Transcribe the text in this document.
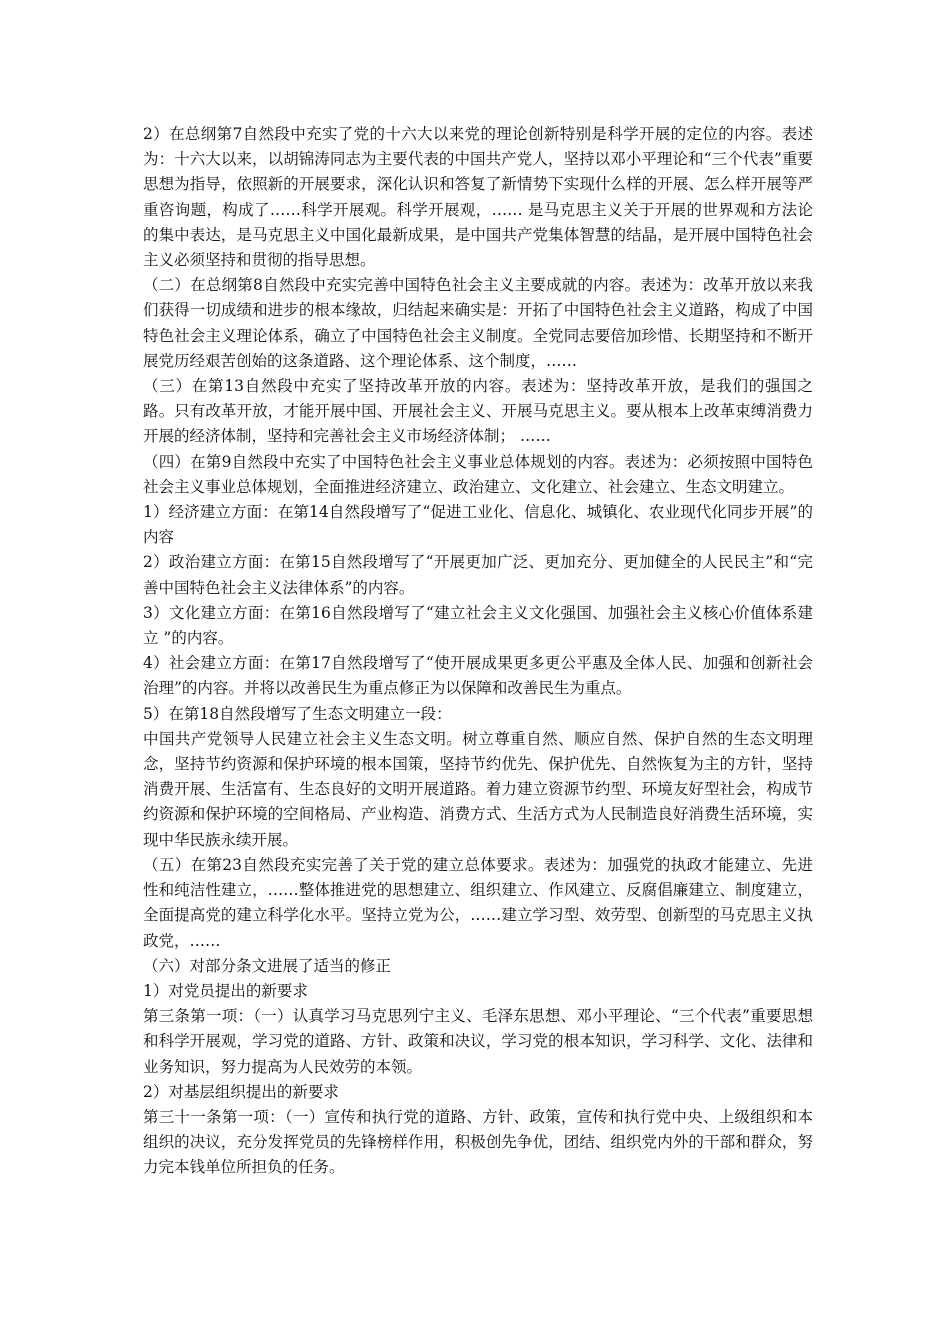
2）在总纲第7自然段中充实了党的十六大以来党的理论创新特别是科学开展的定位的内容。表述为：十六大以来，以胡锦涛同志为主要代表的中国共产党人，坚持以邓小平理论和“三个代表”重要思想为指导，依照新的开展要求，深化认识和答复了新情势下实现什么样的开展、怎么样开展等严重咨询题，构成了……科学开展观。科学开展观，…… 是马克思主义关于开展的世界观和方法论的集中表达，是马克思主义中国化最新成果，是中国共产党集体智慧的结晶，是开展中国特色社会主义必须坚持和贯彻的指导思想。

（二）在总纲第8自然段中充实完善中国特色社会主义主要成就的内容。表述为：改革开放以来我们获得一切成绩和进步的根本缘故，归结起来确实是：开拓了中国特色社会主义道路，构成了中国特色社会主义理论体系，确立了中国特色社会主义制度。全党同志要倍加珍惜、长期坚持和不断开展党历经艰苦创始的这条道路、这个理论体系、这个制度，……

（三）在第13自然段中充实了坚持改革开放的内容。表述为：坚持改革开放，是我们的强国之路。只有改革开放，才能开展中国、开展社会主义、开展马克思主义。要从根本上改革束缚消费力开展的经济体制，坚持和完善社会主义市场经济体制； ……

（四）在第9自然段中充实了中国特色社会主义事业总体规划的内容。表述为：必须按照中国特色社会主义事业总体规划，全面推进经济建立、政治建立、文化建立、社会建立、生态文明建立。

1）经济建立方面：在第14自然段增写了“促进工业化、信息化、城镇化、农业现代化同步开展”的内容

2）政治建立方面：在第15自然段增写了“开展更加广泛、更加充分、更加健全的人民民主”和“完善中国特色社会主义法律体系”的内容。

3）文化建立方面：在第16自然段增写了“建立社会主义文化强国、加强社会主义核心价值体系建立 ”的内容。

4）社会建立方面：在第17自然段增写了“使开展成果更多更公平惠及全体人民、加强和创新社会治理”的内容。并将以改善民生为重点修正为以保障和改善民生为重点。

5）在第18自然段增写了生态文明建立一段：

中国共产党领导人民建立社会主义生态文明。树立尊重自然、顺应自然、保护自然的生态文明理念，坚持节约资源和保护环境的根本国策，坚持节约优先、保护优先、自然恢复为主的方针，坚持消费开展、生活富有、生态良好的文明开展道路。着力建立资源节约型、环境友好型社会，构成节约资源和保护环境的空间格局、产业构造、消费方式、生活方式为人民制造良好消费生活环境，实现中华民族永续开展。

（五）在第23自然段充实完善了关于党的建立总体要求。表述为：加强党的执政才能建立、先进性和纯洁性建立，……整体推进党的思想建立、组织建立、作风建立、反腐倡廉建立、制度建立，全面提高党的建立科学化水平。坚持立党为公，……建立学习型、效劳型、创新型的马克思主义执政党，……

（六）对部分条文进展了适当的修正

1）对党员提出的新要求

第三条第一项：（一）认真学习马克思列宁主义、毛泽东思想、邓小平理论、“三个代表”重要思想和科学开展观，学习党的道路、方针、政策和决议，学习党的根本知识，学习科学、文化、法律和业务知识，努力提高为人民效劳的本领。

2）对基层组织提出的新要求

第三十一条第一项：（一）宣传和执行党的道路、方针、政策，宣传和执行党中央、上级组织和本组织的决议，充分发挥党员的先锋榜样作用，积极创先争优，团结、组织党内外的干部和群众，努力完本钱单位所担负的任务。
